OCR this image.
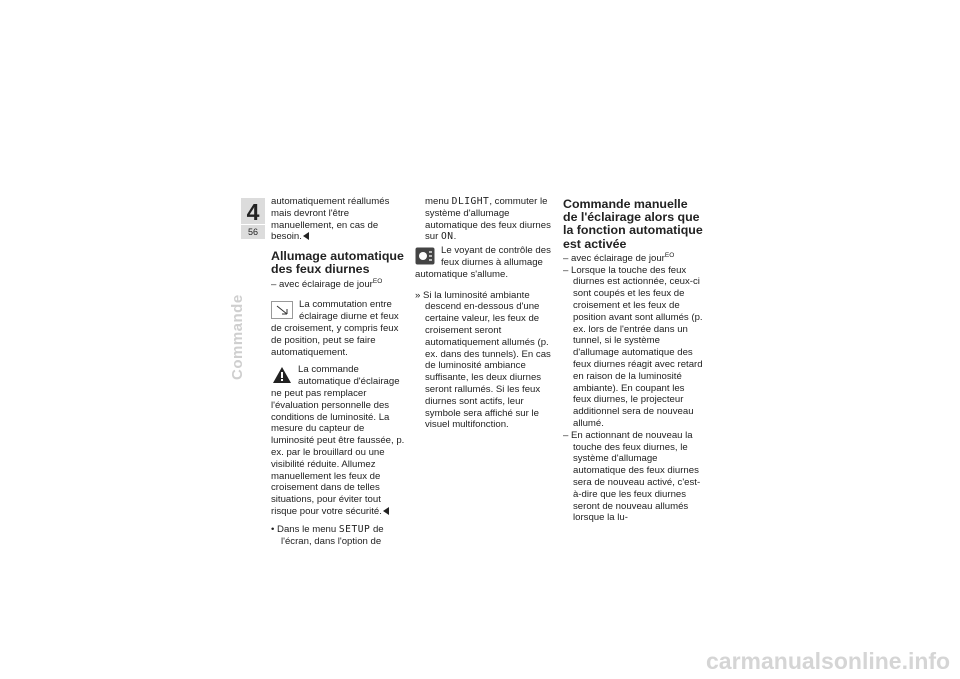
4
56
Commande

automatiquement réallumés mais devront l'être manuellement, en cas de besoin.

Allumage automatique des feux diurnes

– avec éclairage de jour$^{EO}$

La commutation entre éclairage diurne et feux de croisement, y compris feux de position, peut se faire automatiquement.

La commande automatique d'éclairage ne peut pas remplacer l'évaluation personnelle des conditions de luminosité. La mesure du capteur de luminosité peut être faussée, p. ex. par le brouillard ou une visibilité réduite. Allumez manuellement les feux de croisement dans de telles situations, pour éviter tout risque pour votre sécurité.

• Dans le menu SETUP de l'écran, dans l'option de

menu DLIGHT, commuter le système d'allumage automatique des feux diurnes sur ON.

Le voyant de contrôle des feux diurnes à allumage automatique s'allume.

» Si la luminosité ambiante descend en-dessous d'une certaine valeur, les feux de croisement seront automatiquement allumés (p. ex. dans des tunnels). En cas de luminosité ambiance suffisante, les deux diurnes seront rallumés. Si les feux diurnes sont actifs, leur symbole sera affiché sur le visuel multifonction.

Commande manuelle de l'éclairage alors que la fonction automatique est activée

– avec éclairage de jour$^{EO}$

– Lorsque la touche des feux diurnes est actionnée, ceux-ci sont coupés et les feux de croisement et les feux de position avant sont allumés (p. ex. lors de l'entrée dans un tunnel, si le système d'allumage automatique des feux diurnes réagit avec retard en raison de la luminosité ambiante). En coupant les feux diurnes, le projecteur additionnel sera de nouveau allumé.

– En actionnant de nouveau la touche des feux diurnes, le système d'allumage automatique des feux diurnes sera de nouveau activé, c'est-à-dire que les feux diurnes seront de nouveau allumés lorsque la lu-

carmanualsonline.info
